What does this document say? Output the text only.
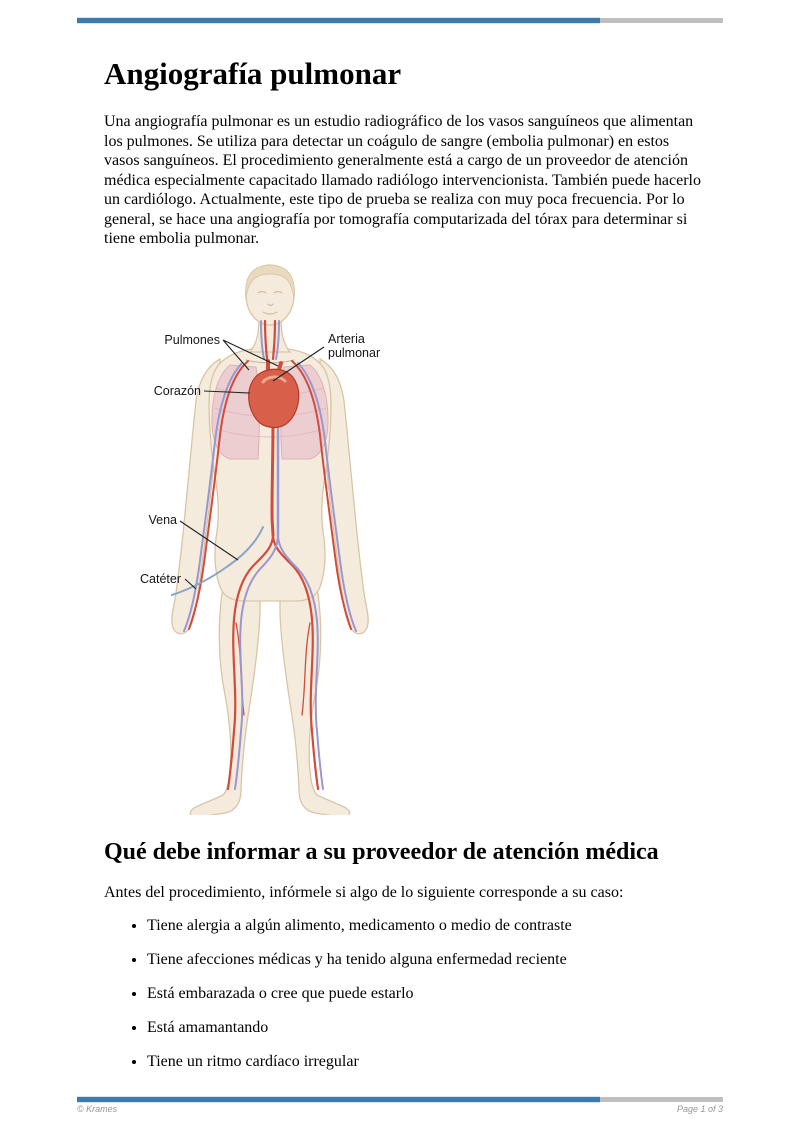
Angiografía pulmonar

Una angiografía pulmonar es un estudio radiográfico de los vasos sanguíneos que alimentan los pulmones. Se utiliza para detectar un coágulo de sangre (embolia pulmonar) en estos vasos sanguíneos. El procedimiento generalmente está a cargo de un proveedor de atención médica especialmente capacitado llamado radiólogo intervencionista. También puede hacerlo un cardiólogo. Actualmente, este tipo de prueba se realiza con muy poca frecuencia. Por lo general, se hace una angiografía por tomografía computarizada del tórax para determinar si tiene embolia pulmonar.

Pulmones	Arteria
pulmonar
Corazón
Vena
Catéter
Qué debe informar a su proveedor de atención médica

Antes del procedimiento, infórmele si algo de lo siguiente corresponde a su caso:

• Tiene alergia a algún alimento, medicamento o medio de contraste
• Tiene afecciones médicas y ha tenido alguna enfermedad reciente
• Está embarazada o cree que puede estarlo
• Está amamantando
• Tiene un ritmo cardíaco irregular
© Krames	Page 1 of 3
